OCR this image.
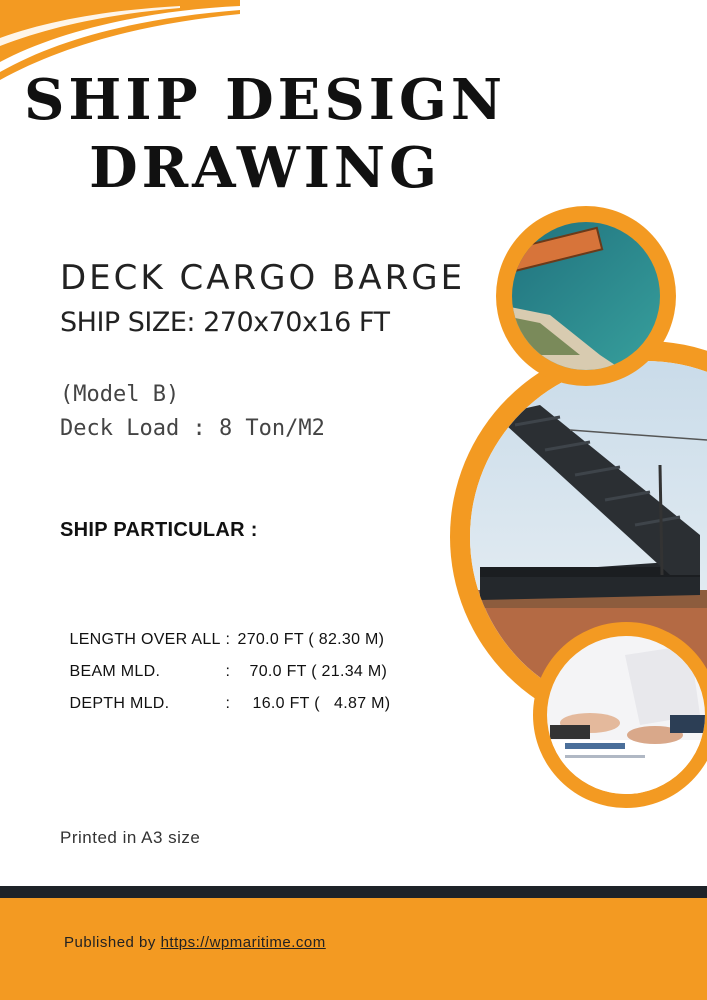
SHIP DESIGN
DRAWING
DECK CARGO BARGE
SHIP SIZE: 270x70x16 FT
(Model B)
Deck Load : 8 Ton/M2
SHIP PARTICULAR :

LENGTH OVER ALL : 270.0 FT ( 82.30 M)

BEAM MLD.	: 70.0 FT ( 21.34 M)

DEPTH MLD.	: 16.0 FT (   4.87 M)

Printed in A3 size
Published by https://wpmaritime.com
